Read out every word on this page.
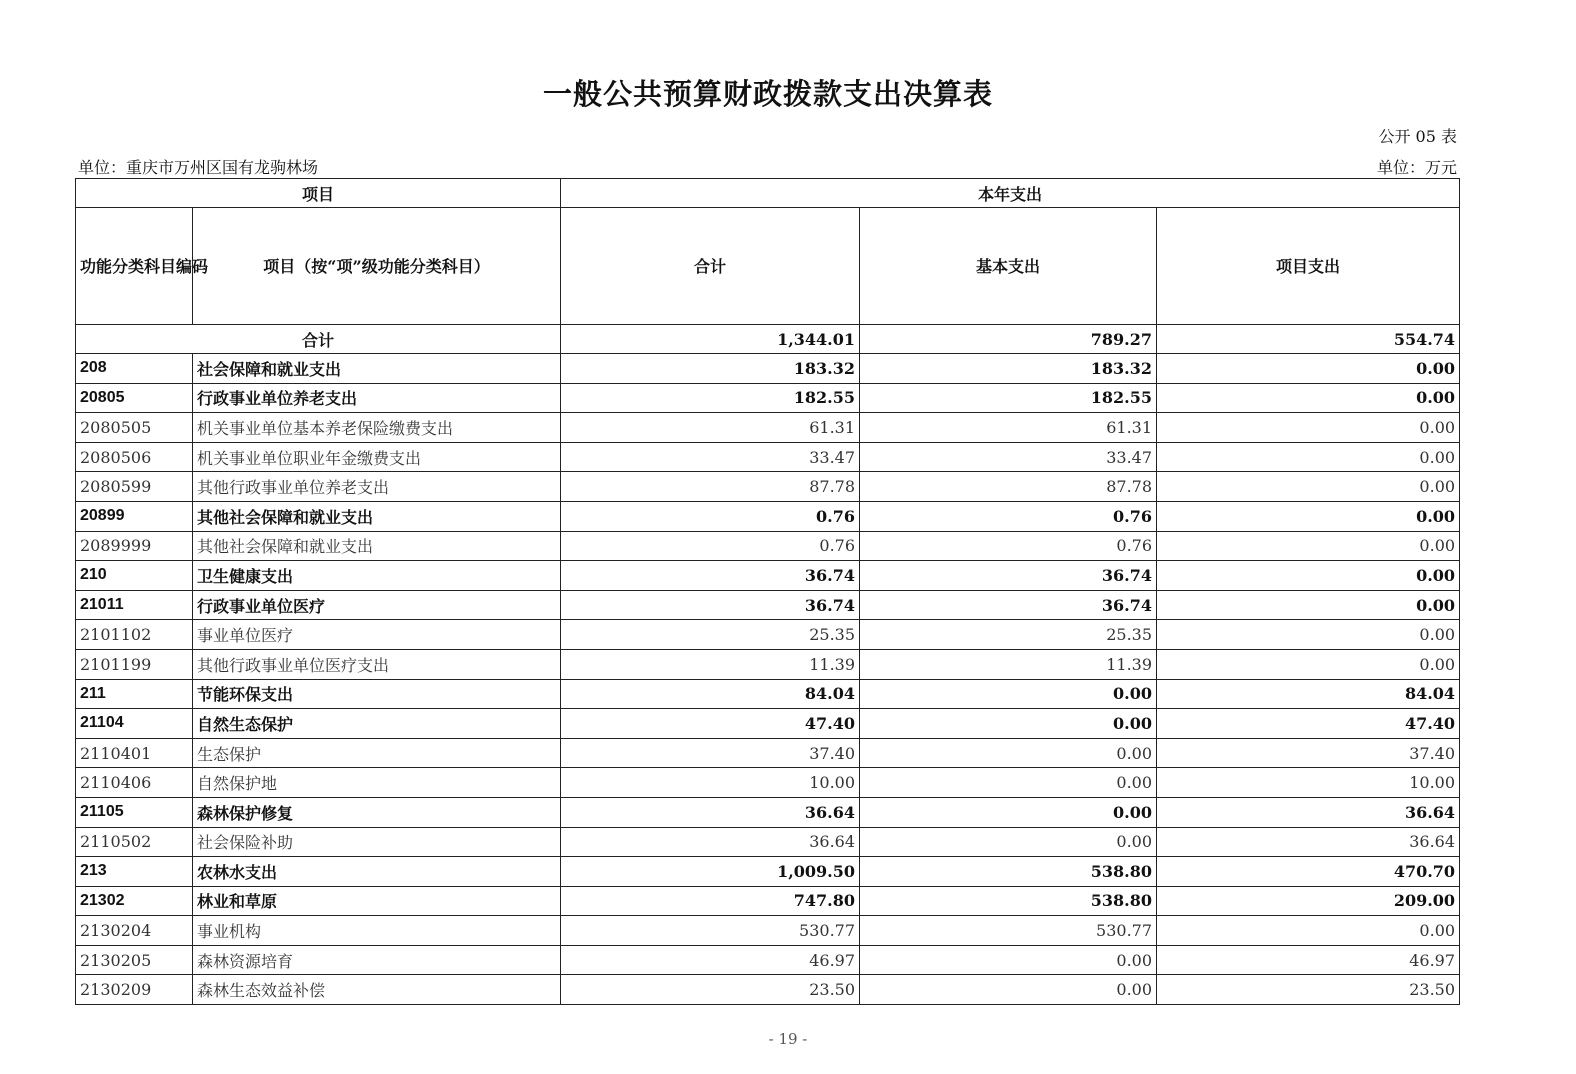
一般公共预算财政拨款支出决算表
公开 05 表
单位：重庆市万州区国有龙驹林场	单位：万元
项目		本年支出		
功能分类科目编码	项目（按“项”级功能分类科目）	合计	基本支出	项目支出
合计		1,344.01	789.27	554.74
208	社会保障和就业支出	183.32	183.32	0.00
20805	行政事业单位养老支出	182.55	182.55	0.00
2080505	机关事业单位基本养老保险缴费支出	61.31	61.31	0.00
2080506	机关事业单位职业年金缴费支出	33.47	33.47	0.00
2080599	其他行政事业单位养老支出	87.78	87.78	0.00
20899	其他社会保障和就业支出	0.76	0.76	0.00
2089999	其他社会保障和就业支出	0.76	0.76	0.00
210	卫生健康支出	36.74	36.74	0.00
21011	行政事业单位医疗	36.74	36.74	0.00
2101102	事业单位医疗	25.35	25.35	0.00
2101199	其他行政事业单位医疗支出	11.39	11.39	0.00
211	节能环保支出	84.04	0.00	84.04
21104	自然生态保护	47.40	0.00	47.40
2110401	生态保护	37.40	0.00	37.40
2110406	自然保护地	10.00	0.00	10.00
21105	森林保护修复	36.64	0.00	36.64
2110502	社会保险补助	36.64	0.00	36.64
213	农林水支出	1,009.50	538.80	470.70
21302	林业和草原	747.80	538.80	209.00
2130204	事业机构	530.77	530.77	0.00
2130205	森林资源培育	46.97	0.00	46.97
2130209	森林生态效益补偿	23.50	0.00	23.50
- 19 -
